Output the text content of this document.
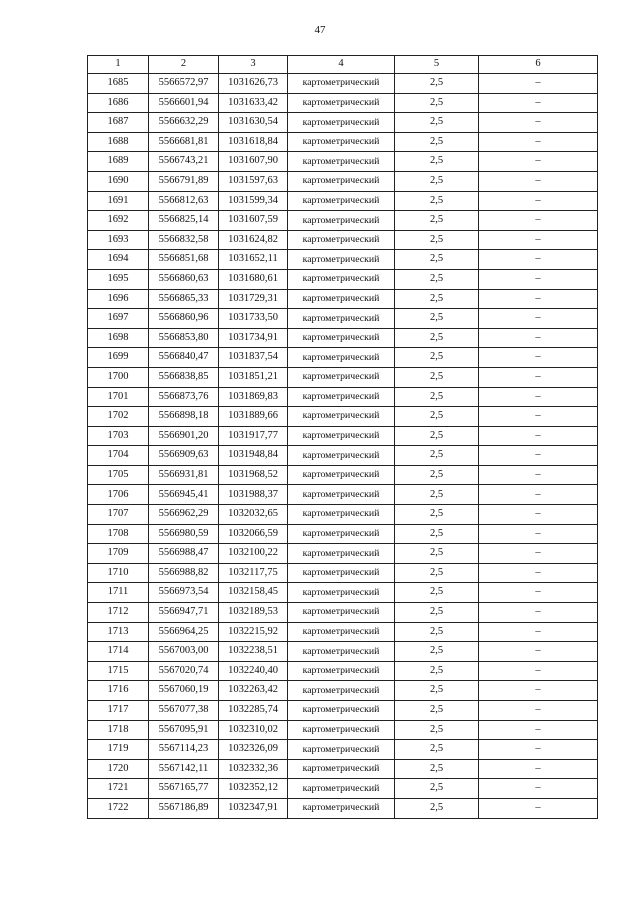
47
1	2	3	4	5	6
1685	5566572,97	1031626,73	картометрический	2,5	–
1686	5566601,94	1031633,42	картометрический	2,5	–
1687	5566632,29	1031630,54	картометрический	2,5	–
1688	5566681,81	1031618,84	картометрический	2,5	–
1689	5566743,21	1031607,90	картометрический	2,5	–
1690	5566791,89	1031597,63	картометрический	2,5	–
1691	5566812,63	1031599,34	картометрический	2,5	–
1692	5566825,14	1031607,59	картометрический	2,5	–
1693	5566832,58	1031624,82	картометрический	2,5	–
1694	5566851,68	1031652,11	картометрический	2,5	–
1695	5566860,63	1031680,61	картометрический	2,5	–
1696	5566865,33	1031729,31	картометрический	2,5	–
1697	5566860,96	1031733,50	картометрический	2,5	–
1698	5566853,80	1031734,91	картометрический	2,5	–
1699	5566840,47	1031837,54	картометрический	2,5	–
1700	5566838,85	1031851,21	картометрический	2,5	–
1701	5566873,76	1031869,83	картометрический	2,5	–
1702	5566898,18	1031889,66	картометрический	2,5	–
1703	5566901,20	1031917,77	картометрический	2,5	–
1704	5566909,63	1031948,84	картометрический	2,5	–
1705	5566931,81	1031968,52	картометрический	2,5	–
1706	5566945,41	1031988,37	картометрический	2,5	–
1707	5566962,29	1032032,65	картометрический	2,5	–
1708	5566980,59	1032066,59	картометрический	2,5	–
1709	5566988,47	1032100,22	картометрический	2,5	–
1710	5566988,82	1032117,75	картометрический	2,5	–
1711	5566973,54	1032158,45	картометрический	2,5	–
1712	5566947,71	1032189,53	картометрический	2,5	–
1713	5566964,25	1032215,92	картометрический	2,5	–
1714	5567003,00	1032238,51	картометрический	2,5	–
1715	5567020,74	1032240,40	картометрический	2,5	–
1716	5567060,19	1032263,42	картометрический	2,5	–
1717	5567077,38	1032285,74	картометрический	2,5	–
1718	5567095,91	1032310,02	картометрический	2,5	–
1719	5567114,23	1032326,09	картометрический	2,5	–
1720	5567142,11	1032332,36	картометрический	2,5	–
1721	5567165,77	1032352,12	картометрический	2,5	–
1722	5567186,89	1032347,91	картометрический	2,5	–
